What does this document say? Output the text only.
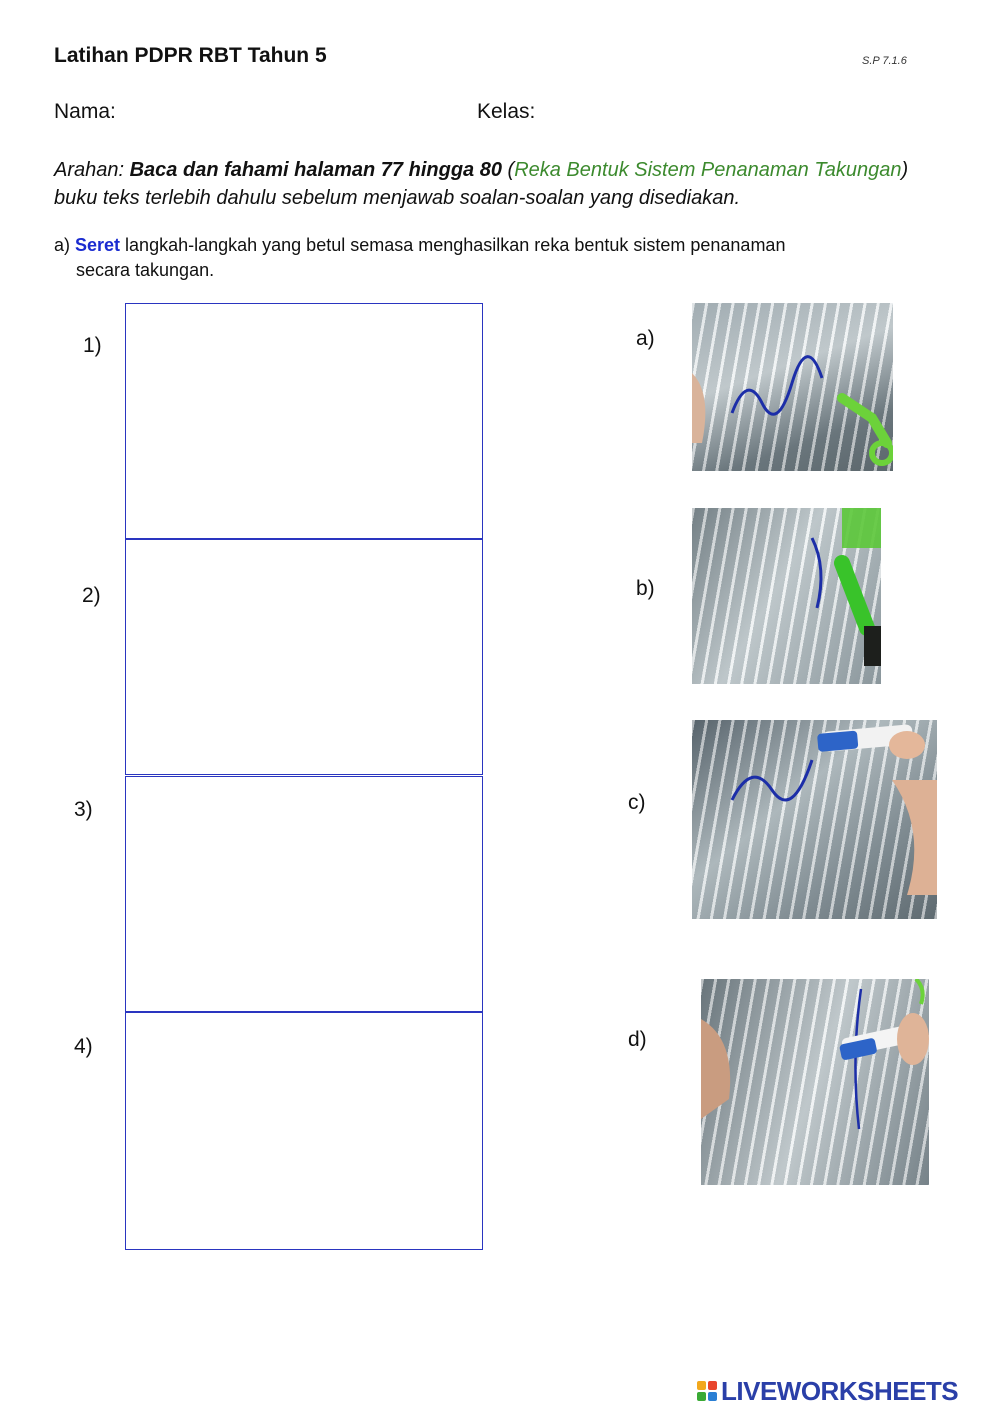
Latihan PDPR RBT Tahun 5	S.P 7.1.6
Nama:	Kelas:
Arahan: Baca dan fahami halaman 77 hingga 80 (Reka Bentuk Sistem Penanaman Takungan) buku teks terlebih dahulu sebelum menjawab soalan-soalan yang disediakan.
a) Seret langkah-langkah yang betul semasa menghasilkan reka bentuk sistem penanaman
secara takungan.
1)
2)
3)
4)
a)
b)
c)
d)
LIVEWORKSHEETS
